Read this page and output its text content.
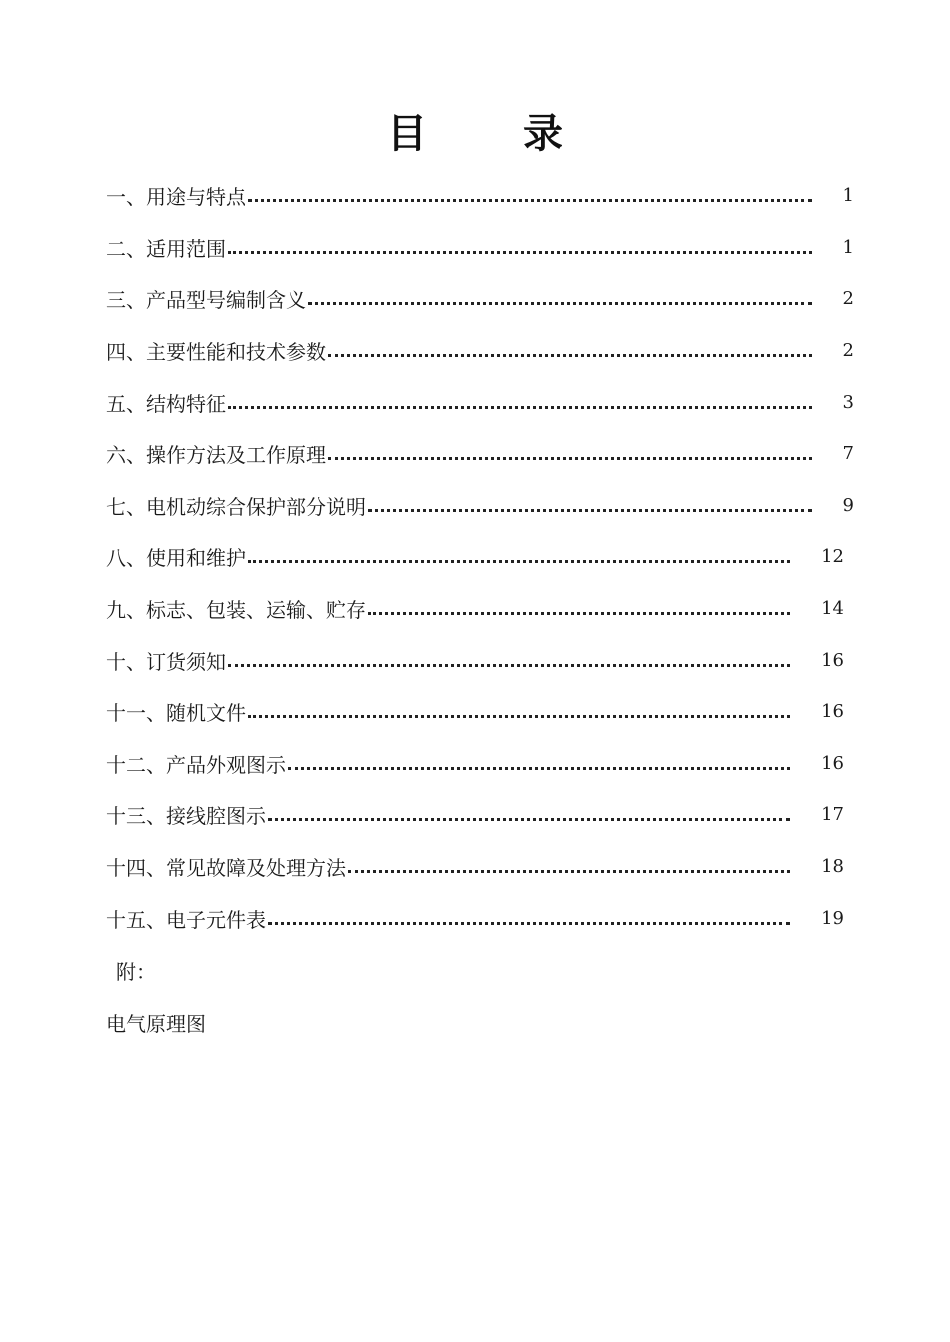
目 录
一、用途与特点	1
二、适用范围	1
三、产品型号编制含义	2
四、主要性能和技术参数	2
五、结构特征	3
六、操作方法及工作原理	7
七、电机动综合保护部分说明	9
八、使用和维护	12
九、标志、包装、运输、贮存	14
十、订货须知	16
十一、随机文件	16
十二、产品外观图示	16
十三、接线腔图示	17
十四、常见故障及处理方法	18
十五、电子元件表	19
附：
电气原理图
